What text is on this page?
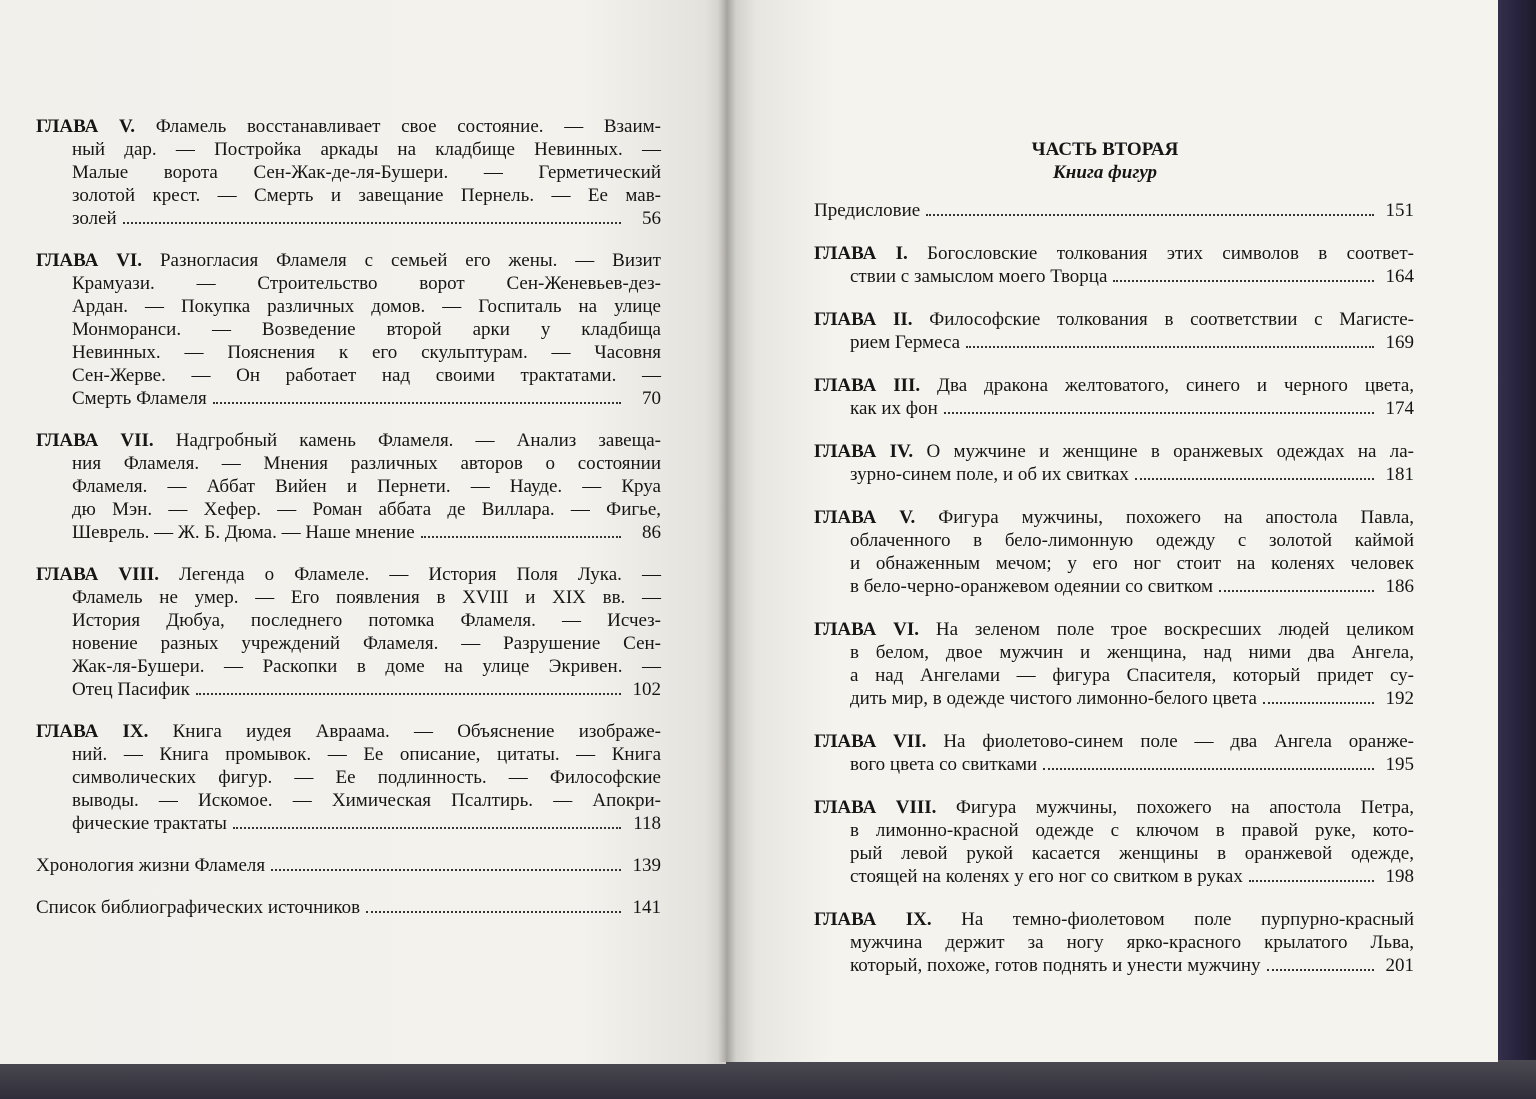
ЧАСТЬ ВТОРАЯ
Книга фигур
ГЛАВА V. Фламель восстанавливает свое состояние. — Взаим-
ный дар. — Постройка аркады на кладбище Невинных. —
Малые ворота Сен-Жак-де-ля-Бушери. — Герметический
золотой крест. — Смерть и завещание Пернель. — Ее мав-
золей	56
ГЛАВА VI. Разногласия Фламеля с семьей его жены. — Визит
Крамуази. — Строительство ворот Сен-Женевьев-дез-
Ардан. — Покупка различных домов. — Госпиталь на улице
Монморанси. — Возведение второй арки у кладбища
Невинных. — Пояснения к его скульптурам. — Часовня
Сен-Жерве. — Он работает над своими трактатами. —
Смерть Фламеля	70
ГЛАВА VII. Надгробный камень Фламеля. — Анализ завеща-
ния Фламеля. — Мнения различных авторов о состоянии
Фламеля. — Аббат Вийен и Пернети. — Науде. — Круа
дю Мэн. — Хефер. — Роман аббата де Виллара. — Фигье,
Шеврель. — Ж. Б. Дюма. — Наше мнение	86
ГЛАВА VIII. Легенда о Фламеле. — История Поля Лука. —
Фламель не умер. — Его появления в XVIII и XIX вв. —
История Дюбуа, последнего потомка Фламеля. — Исчез-
новение разных учреждений Фламеля. — Разрушение Сен-
Жак-ля-Бушери. — Раскопки в доме на улице Экривен. —
Отец Пасифик	102
ГЛАВА IX. Книга иудея Авраама. — Объяснение изображе-
ний. — Книга промывок. — Ее описание, цитаты. — Книга
символических фигур. — Ее подлинность. — Философские
выводы. — Искомое. — Химическая Псалтирь. — Апокри-
фические трактаты	118
Хронология жизни Фламеля	139
Список библиографических источников	141
Предисловие	151
ГЛАВА I. Богословские толкования этих символов в соответ-
ствии с замыслом моего Творца	164
ГЛАВА II. Философские толкования в соответствии с Магисте-
рием Гермеса	169
ГЛАВА III. Два дракона желтоватого, синего и черного цвета,
как их фон	174
ГЛАВА IV. О мужчине и женщине в оранжевых одеждах на ла-
зурно-синем поле, и об их свитках	181
ГЛАВА V. Фигура мужчины, похожего на апостола Павла,
облаченного в бело-лимонную одежду с золотой каймой
и обнаженным мечом; у его ног стоит на коленях человек
в бело-черно-оранжевом одеянии со свитком	186
ГЛАВА VI. На зеленом поле трое воскресших людей целиком
в белом, двое мужчин и женщина, над ними два Ангела,
а над Ангелами — фигура Спасителя, который придет су-
дить мир, в одежде чистого лимонно-белого цвета	192
ГЛАВА VII. На фиолетово-синем поле — два Ангела оранже-
вого цвета со свитками	195
ГЛАВА VIII. Фигура мужчины, похожего на апостола Петра,
в лимонно-красной одежде с ключом в правой руке, кото-
рый левой рукой касается женщины в оранжевой одежде,
стоящей на коленях у его ног со свитком в руках	198
ГЛАВА IX. На темно-фиолетовом поле пурпурно-красный
мужчина держит за ногу ярко-красного крылатого Льва,
который, похоже, готов поднять и унести мужчину	201
